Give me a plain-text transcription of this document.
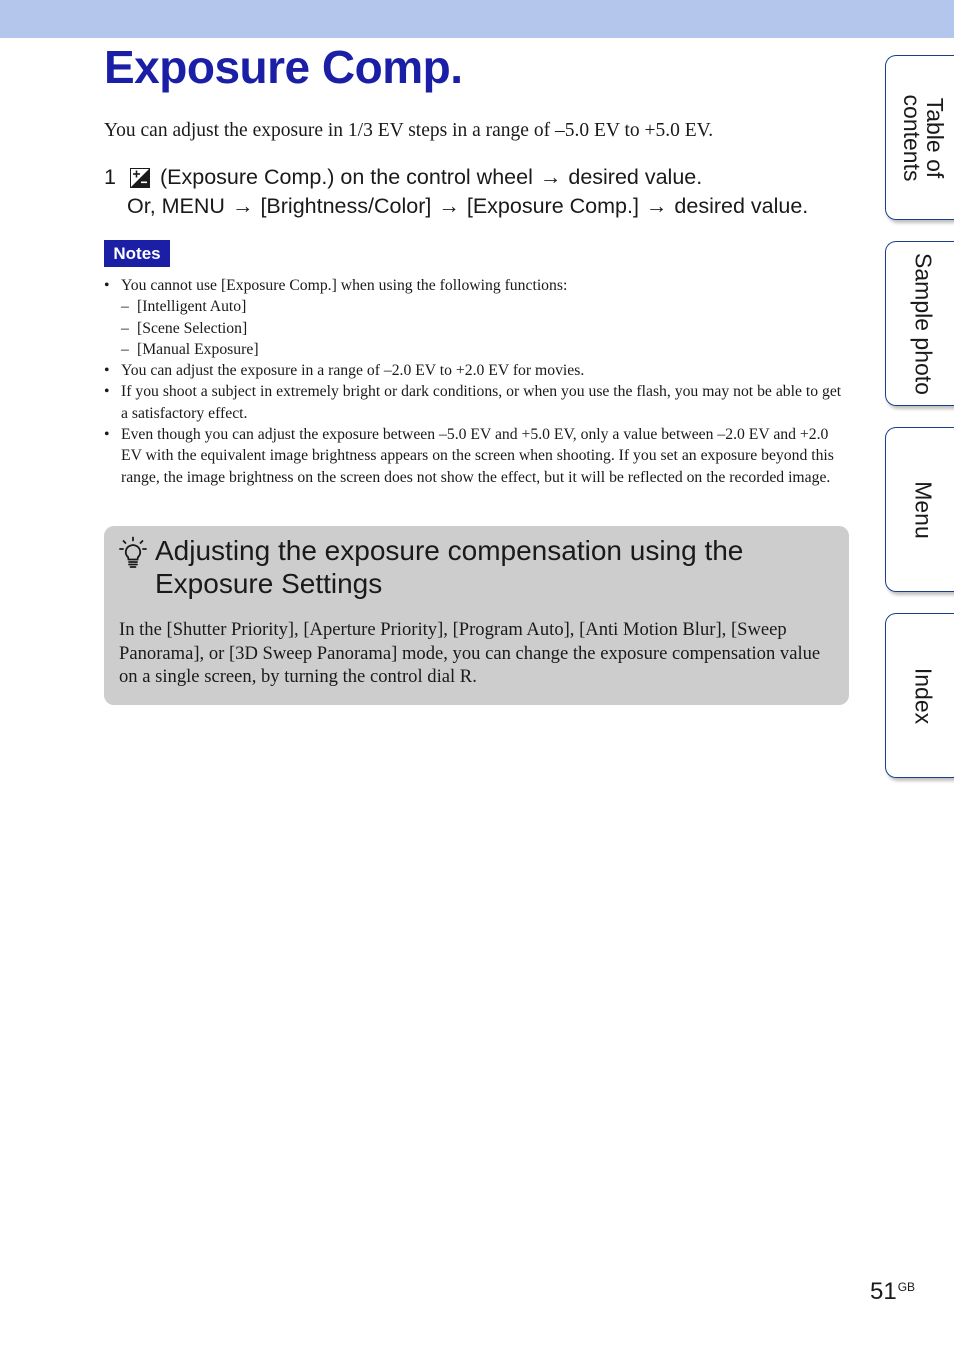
Exposure Comp.

You can adjust the exposure in 1/3 EV steps in a range of –5.0 EV to +5.0 EV.

1	(Exposure Comp.) on the control wheel → desired value.
Or, MENU → [Brightness/Color] → [Exposure Comp.] → desired value.
Notes
• You cannot use [Exposure Comp.] when using the following functions:
– [Intelligent Auto]
– [Scene Selection]
– [Manual Exposure]
• You can adjust the exposure in a range of –2.0 EV to +2.0 EV for movies.
• If you shoot a subject in extremely bright or dark conditions, or when you use the flash, you may not be able to get a satisfactory effect.
• Even though you can adjust the exposure between –5.0 EV and +5.0 EV, only a value between –2.0 EV and +2.0 EV with the equivalent image brightness appears on the screen when shooting. If you set an exposure beyond this range, the image brightness on the screen does not show the effect, but it will be reflected on the recorded image.
Adjusting the exposure compensation using the Exposure Settings
In the [Shutter Priority], [Aperture Priority], [Program Auto], [Anti Motion Blur], [Sweep Panorama], or [3D Sweep Panorama] mode, you can change the exposure compensation value on a single screen, by turning the control dial R.
Table of
contents
Sample photo
Menu
Index
$51^{GB}$
